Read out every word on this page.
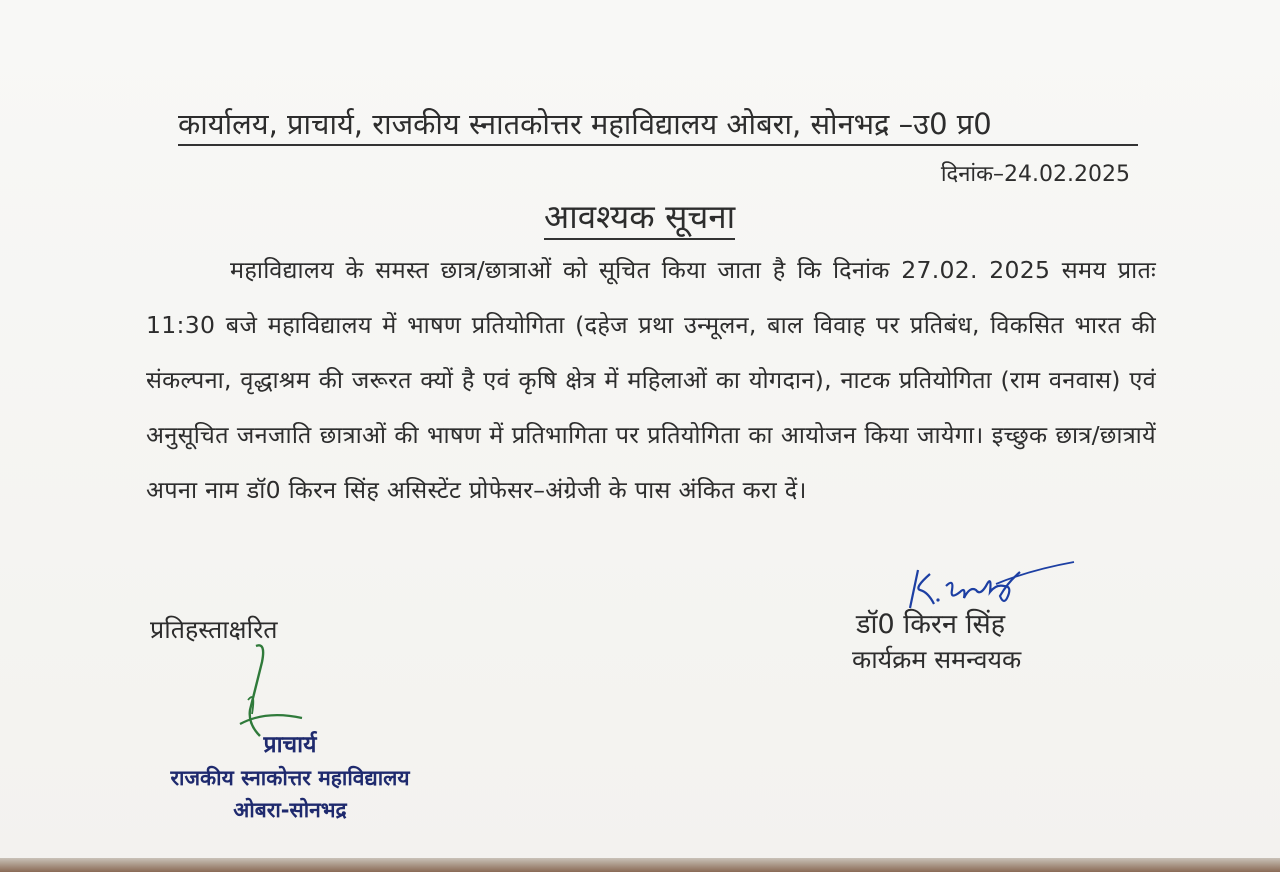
कार्यालय, प्राचार्य, राजकीय स्नातकोत्तर महाविद्यालय ओबरा, सोनभद्र –उ0 प्र0
दिनांक–24.02.2025
आवश्यक सूचना
महाविद्यालय के समस्त छात्र/छात्राओं को सूचित किया जाता है कि दिनांक 27.02. 2025 समय प्रातः 11:30 बजे महाविद्यालय में भाषण प्रतियोगिता (दहेज प्रथा उन्मूलन, बाल विवाह पर प्रतिबंध, विकसित भारत की संकल्पना, वृद्धाश्रम की जरूरत क्यों है एवं कृषि क्षेत्र में महिलाओं का योगदान), नाटक प्रतियोगिता (राम वनवास) एवं अनुसूचित जनजाति छात्राओं की भाषण में प्रतिभागिता पर प्रतियोगिता का आयोजन किया जायेगा। इच्छुक छात्र/छात्रायें अपना नाम डॉ0 किरन सिंह असिस्टेंट प्रोफेसर–अंग्रेजी के पास अंकित करा दें।
प्रतिहस्ताक्षरित	डॉ0 किरन सिंह
कार्यक्रम समन्वयक
प्राचार्य
राजकीय स्नाकोत्तर महाविद्यालय
ओबरा-सोनभद्र
